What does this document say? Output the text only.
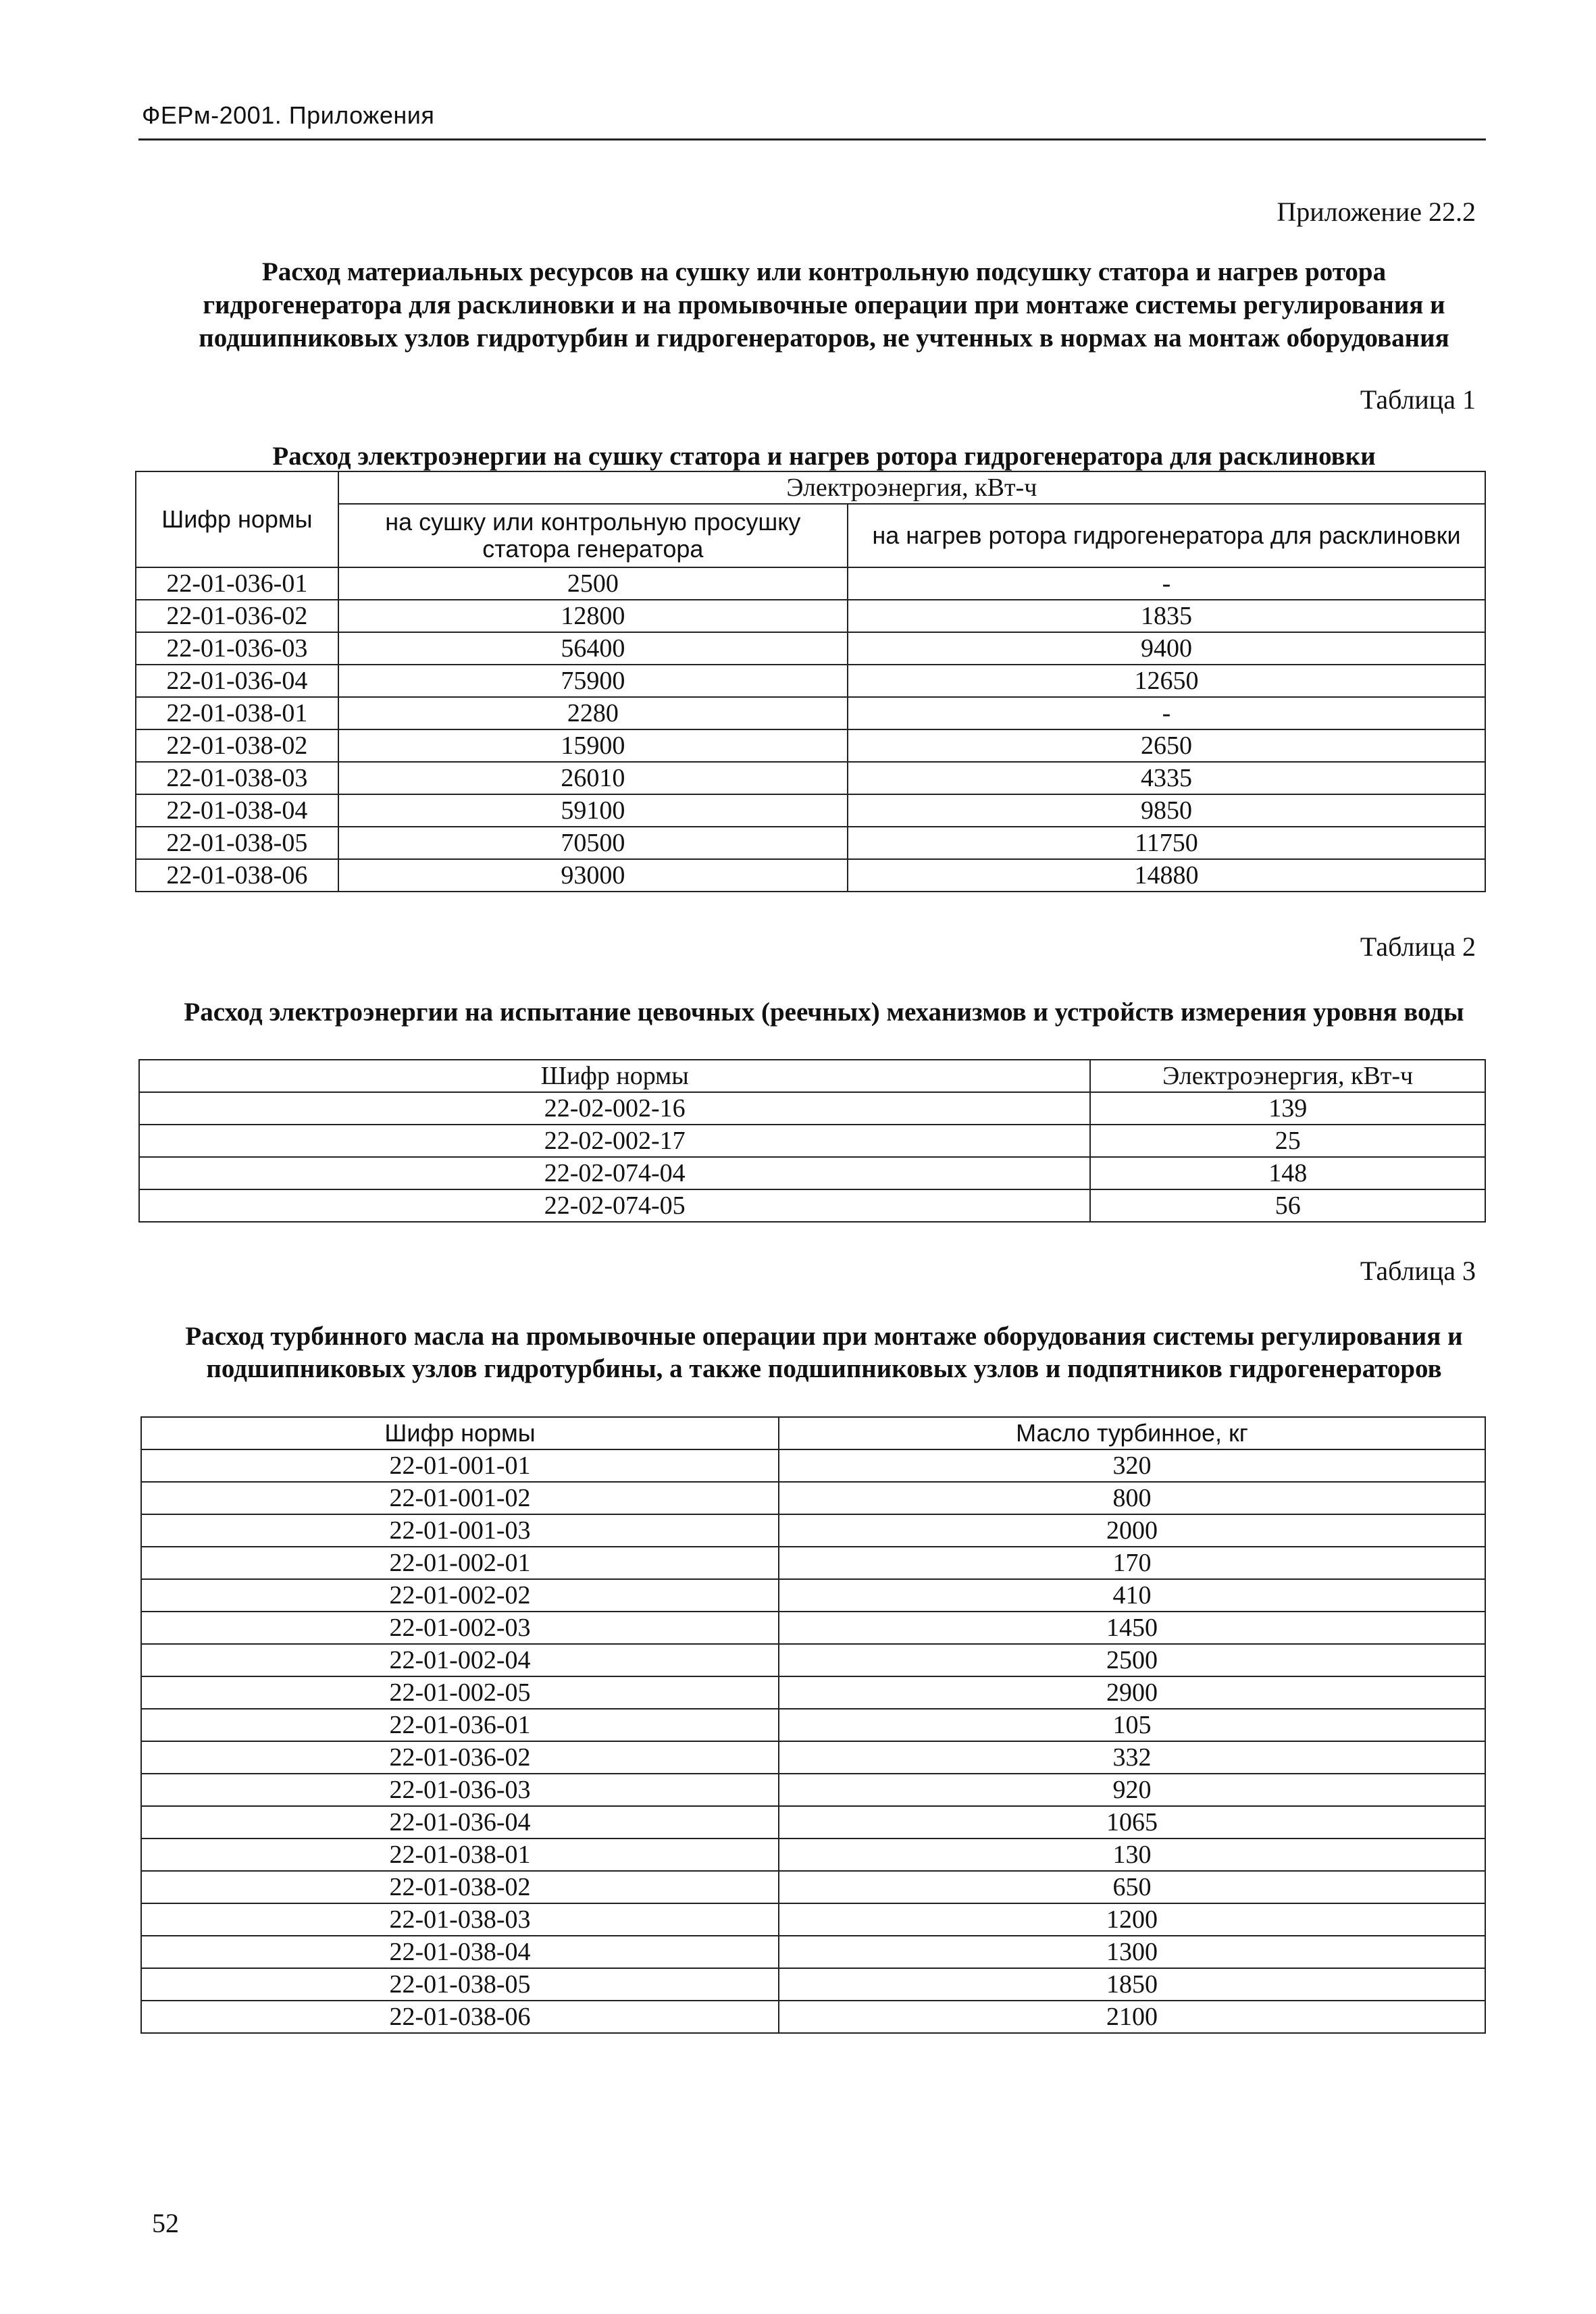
ФЕРм-2001. Приложения
Приложение 22.2
Расход материальных ресурсов на сушку или контрольную подсушку статора и нагрев ротора гидрогенератора для расклиновки и на промывочные операции при монтаже системы регулирования и подшипниковых узлов гидротурбин и гидрогенераторов, не учтенных в нормах на монтаж оборудования
Таблица 1
Расход электроэнергии на сушку статора и нагрев ротора гидрогенератора для расклиновки
Шифр нормы	Электроэнергия, кВт-ч	
	на сушку или контрольную просушку статора генератора	на нагрев ротора гидрогенератора для расклиновки
22-01-036-01	2500	-
22-01-036-02	12800	1835
22-01-036-03	56400	9400
22-01-036-04	75900	12650
22-01-038-01	2280	-
22-01-038-02	15900	2650
22-01-038-03	26010	4335
22-01-038-04	59100	9850
22-01-038-05	70500	11750
22-01-038-06	93000	14880
Таблица 2
Расход электроэнергии на испытание цевочных (реечных) механизмов и устройств измерения уровня воды
Шифр нормы	Электроэнергия, кВт-ч
22-02-002-16	139
22-02-002-17	25
22-02-074-04	148
22-02-074-05	56
Таблица 3
Расход турбинного масла на промывочные операции при монтаже оборудования системы регулирования и подшипниковых узлов гидротурбины, а также подшипниковых узлов и подпятников гидрогенераторов
Шифр нормы	Масло турбинное, кг
22-01-001-01	320
22-01-001-02	800
22-01-001-03	2000
22-01-002-01	170
22-01-002-02	410
22-01-002-03	1450
22-01-002-04	2500
22-01-002-05	2900
22-01-036-01	105
22-01-036-02	332
22-01-036-03	920
22-01-036-04	1065
22-01-038-01	130
22-01-038-02	650
22-01-038-03	1200
22-01-038-04	1300
22-01-038-05	1850
22-01-038-06	2100
52
